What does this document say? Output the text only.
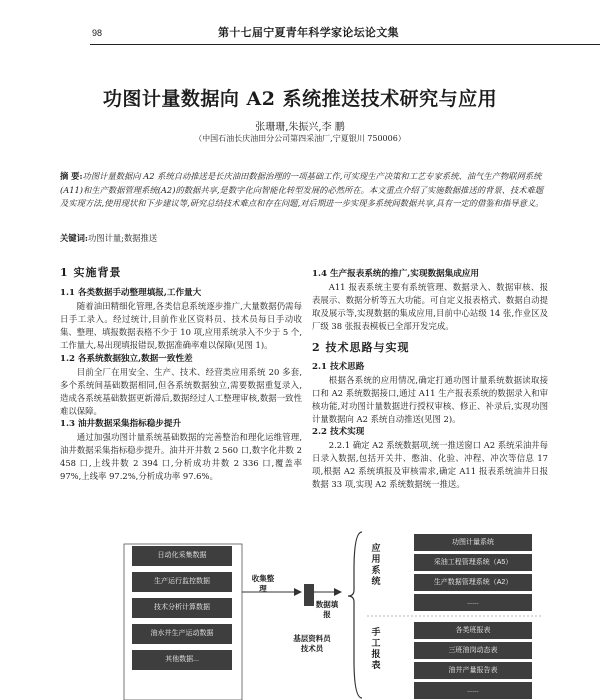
98	第十七届宁夏青年科学家论坛论文集
功图计量数据向 A2 系统推送技术研究与应用
张珊珊,朱振兴,李 鹏
（中国石油长庆油田分公司第四采油厂,宁夏银川 750006）
摘 要:功图计量数据向 A2 系统自动推送是长庆油田数据治理的一项基础工作,可实现生产决策和工艺专家系统、油气生产物联网系统(A11)和生产数据管理系统(A2)的数据共享,是数字化向智能化转型发展的必然所在。本文重点介绍了实施数据推送的背景、技术难题及实现方法,使用现状和下步建议等,研究总结技术难点和存在问题,对后期进一步实现多系统间数据共享,具有一定的借鉴和指导意义。
关键词:功图计量;数据推送
1 实施背景
1.1 各类数据手动整理填报,工作量大

随着油田精细化管理,各类信息系统逐步推广,大量数据仍需每日手工录入。经过统计,目前作业区资料员、技术员每日手动收集、整理、填报数据表格不少于 10 项,应用系统录入不少于 5 个,工作量大,易出现填报错误,数据准确率难以保障(见图 1)。

1.2 各系统数据独立,数据一致性差

目前全厂在用安全、生产、技术、经营类应用系统 20 多套,多个系统间基础数据相同,但各系统数据独立,需要数据重复录入,造成各系统基础数据更新滞后,数据经过人工整理审核,数据一致性难以保障。

1.3 油井数据采集指标稳步提升

通过加强功图计量系统基础数据的完善整治和理化运维管理,油井数据采集指标稳步提升。油井开井数 2 560 口,数字化井数 2 458 口,上线井数 2 394 口,分析成功井数 2 336 口,覆盖率 97%,上线率 97.2%,分析成功率 97.6%。

1.4 生产报表系统的推广,实现数据集成应用

A11 报表系统主要有系统管理、数据录入、数据审核、报表展示、数据分析等五大功能。可自定义报表格式、数据自动提取及展示等,实现数据的集成应用,目前中心站级 14 张,作业区及厂级 38 张报表模板已全部开发完成。

2 技术思路与实现
2.1 技术思路

根据各系统的应用情况,确定打通功图计量系统数据读取接口和 A2 系统数据接口,通过 A11 生产报表系统的数据录入和审核功能,对功图计量数据进行授权审核、修正、补录后,实现功图计量数据向 A2 系统自动推送(见图 2)。

2.2 技术实现

2.2.1 确定 A2 系统数据项,统一推送窗口 A2 系统采油井每日录入数据,包括开关井、憋油、化验、冲程、冲次等信息 17 项,根据 A2 系统填报及审核需求,确定 A11 报表系统油井日报数据 33 项,实现 A2 系统数据统一推送。

日动化采集数据
生产运行监控数据
技术分析计算数据
油水井生产运动数据
其他数据...
收集整理
数据填报
基层资料员
技术员
应用系统
功图计量系统
采油工程管理系统（A5）
生产数据管理系统（A2）
......
手工报表
各类班报表
三班油岗动态表
油井产量报告表
......
